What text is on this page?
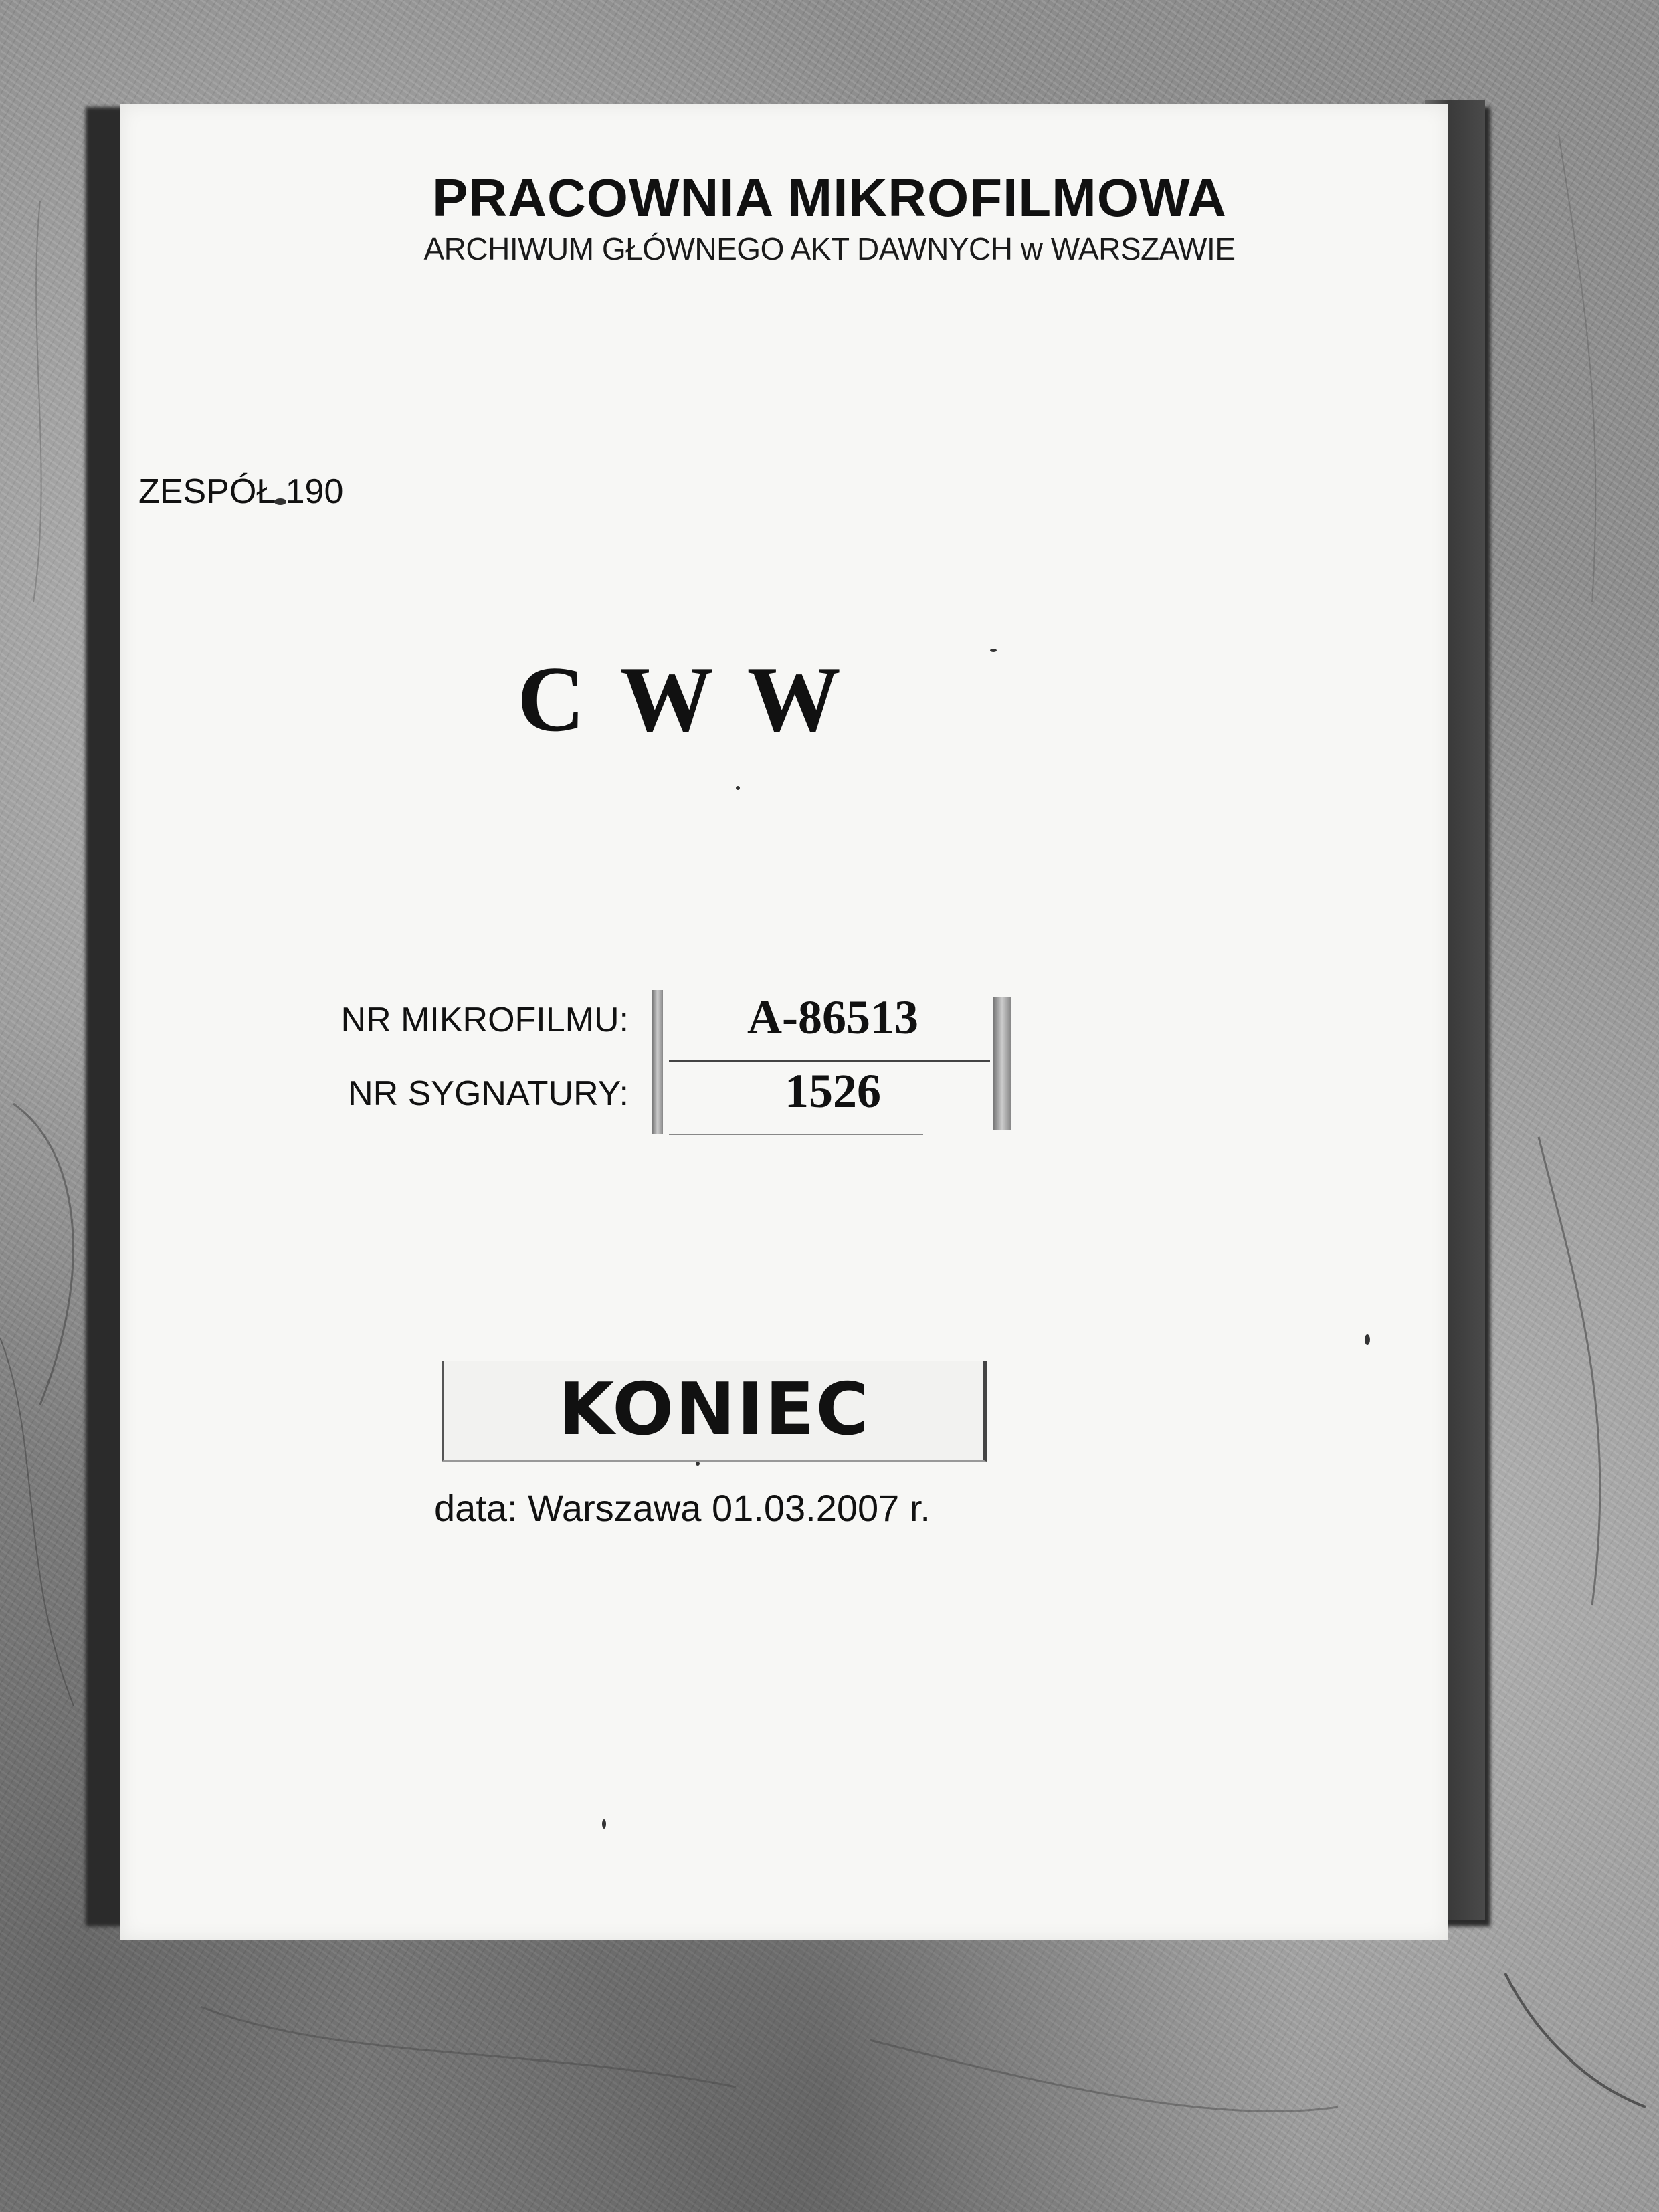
PRACOWNIA MIKROFILMOWA
ARCHIWUM GŁÓWNEGO AKT DAWNYCH w WARSZAWIE
ZESPÓŁ 190
C W W
NR MIKROFILMU:	A-86513
NR SYGNATURY:	1526
KONIEC
data: Warszawa 01.03.2007 r.
